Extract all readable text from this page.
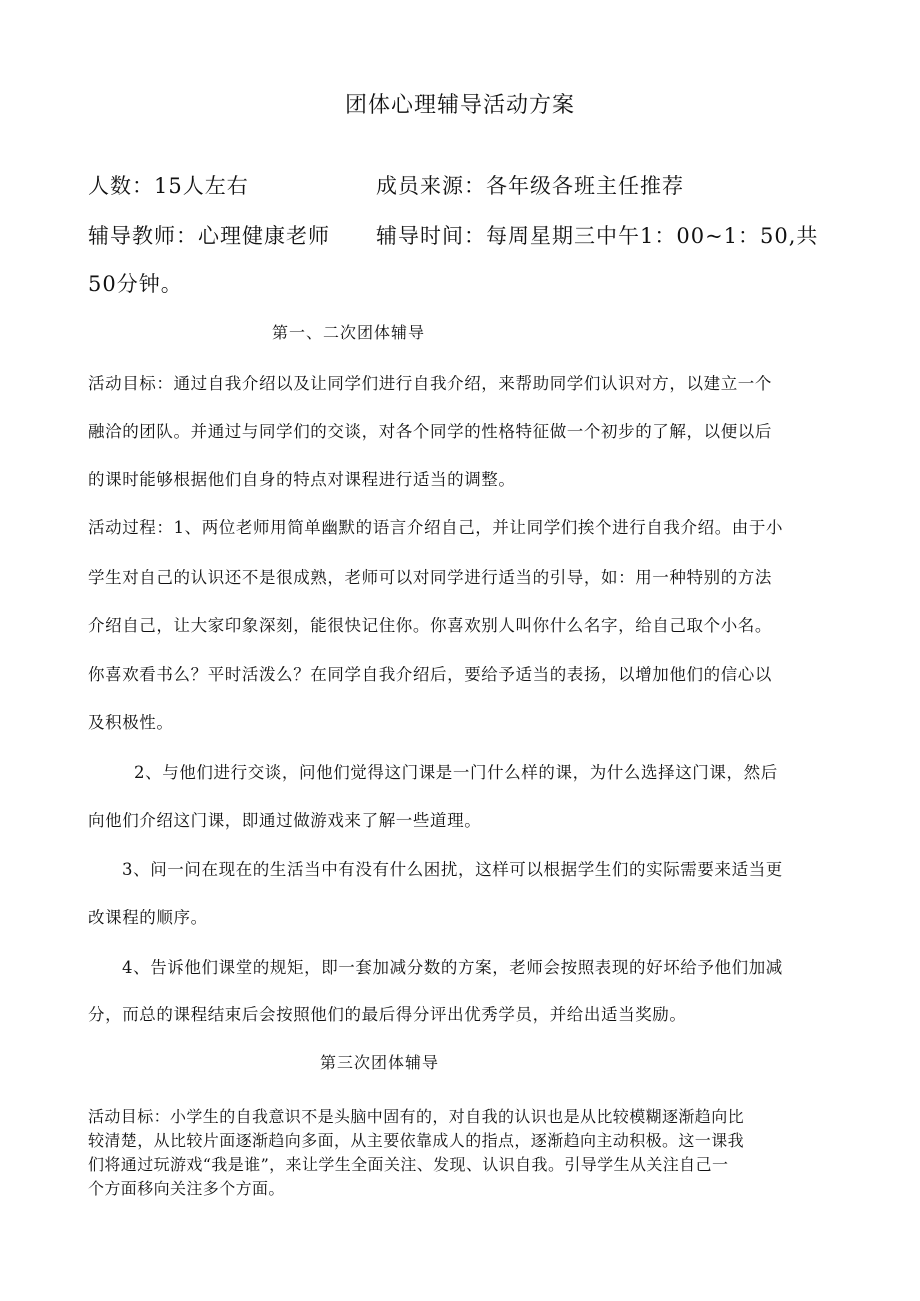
团体心理辅导活动方案
人数：15人左右	成员来源：各年级各班主任推荐
辅导教师：心理健康老师 辅导时间：每周星期三中午1：00~1：50,共
50分钟。
第一、二次团体辅导
活动目标：通过自我介绍以及让同学们进行自我介绍，来帮助同学们认识对方，以建立一个
融洽的团队。并通过与同学们的交谈，对各个同学的性格特征做一个初步的了解，以便以后
的课时能够根据他们自身的特点对课程进行适当的调整。
活动过程：1、两位老师用简单幽默的语言介绍自己，并让同学们挨个进行自我介绍。由于小
学生对自己的认识还不是很成熟，老师可以对同学进行适当的引导，如：用一种特别的方法
介绍自己，让大家印象深刻，能很快记住你。你喜欢别人叫你什么名字，给自己取个小名。
你喜欢看书么？平时活泼么？在同学自我介绍后，要给予适当的表扬，以增加他们的信心以
及积极性。
2、与他们进行交谈，问他们觉得这门课是一门什么样的课，为什么选择这门课，然后
向他们介绍这门课，即通过做游戏来了解一些道理。
3、问一问在现在的生活当中有没有什么困扰，这样可以根据学生们的实际需要来适当更
改课程的顺序。
4、告诉他们课堂的规矩，即一套加减分数的方案，老师会按照表现的好坏给予他们加减
分，而总的课程结束后会按照他们的最后得分评出优秀学员，并给出适当奖励。
第三次团体辅导
活动目标：小学生的自我意识不是头脑中固有的，对自我的认识也是从比较模糊逐渐趋向比
较清楚，从比较片面逐渐趋向多面，从主要依靠成人的指点，逐渐趋向主动积极。这一课我
们将通过玩游戏“我是谁”，来让学生全面关注、发现、认识自我。引导学生从关注自己一
个方面移向关注多个方面。
